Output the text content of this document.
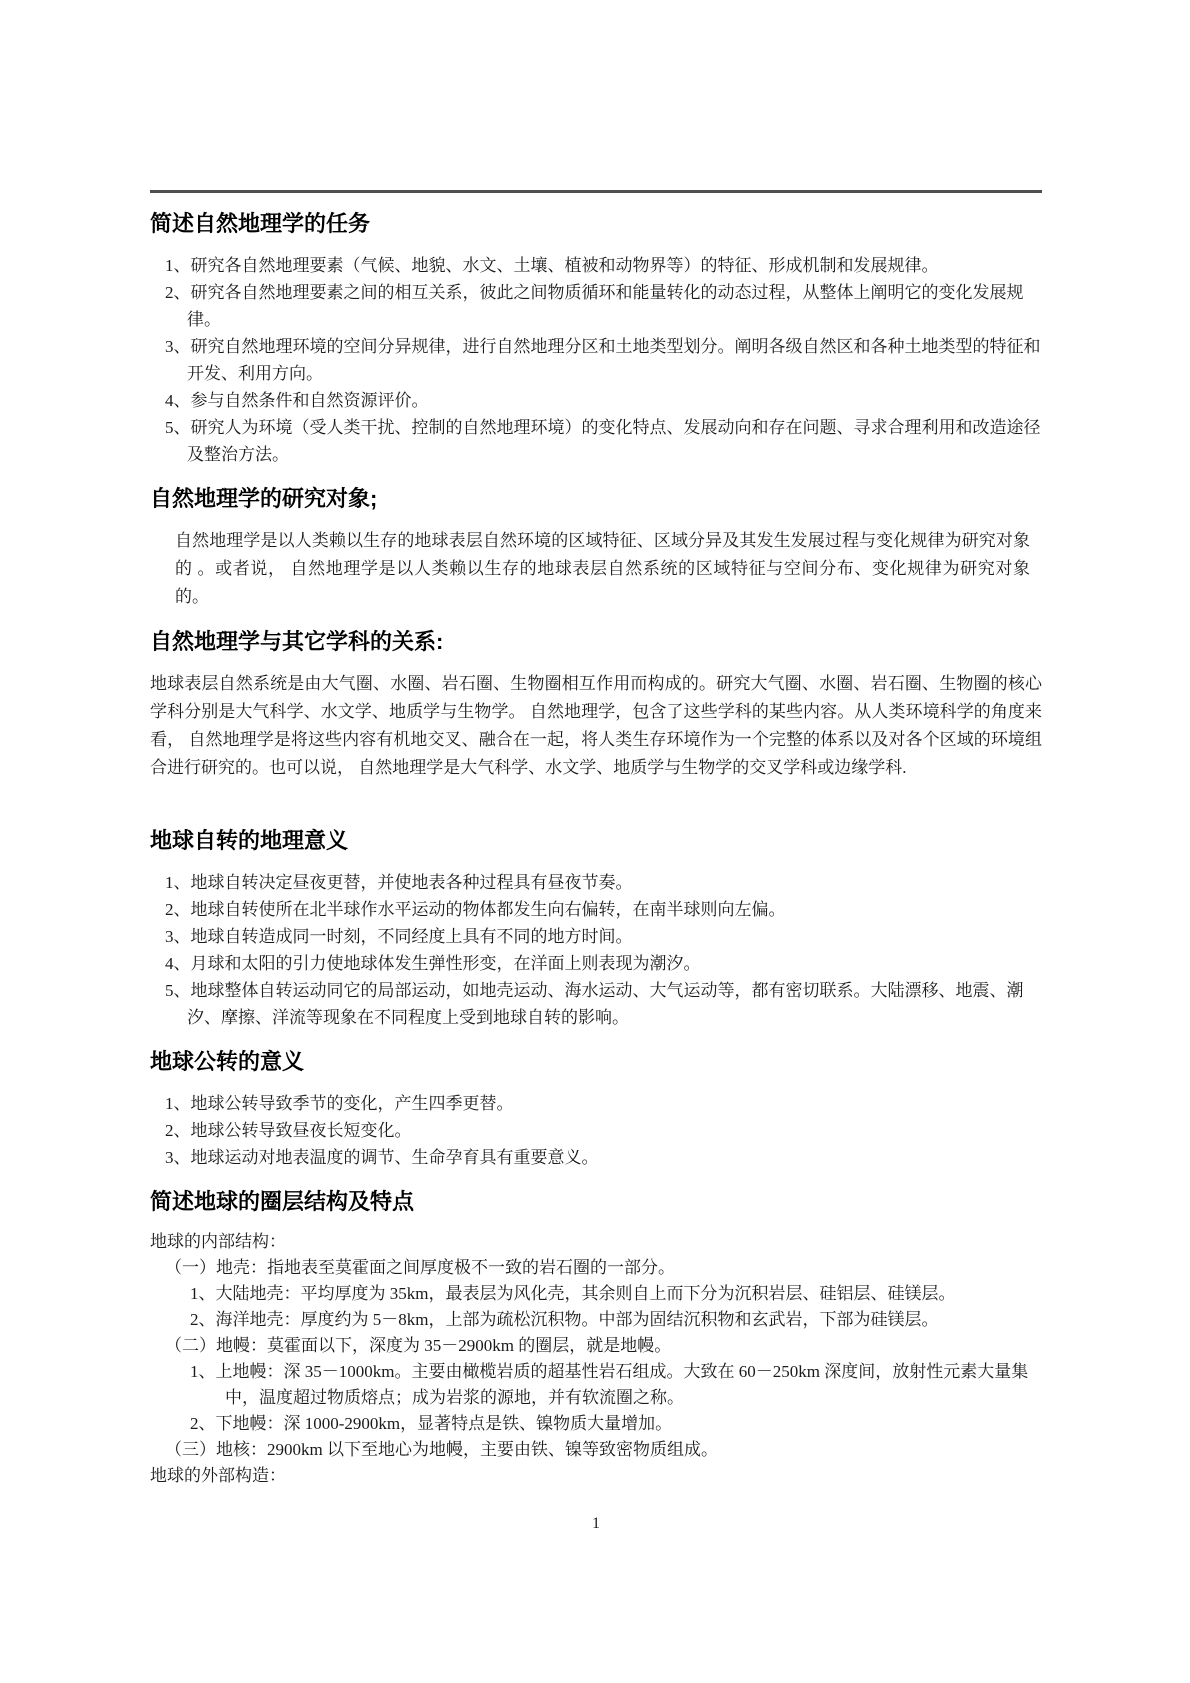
简述自然地理学的任务

1、研究各自然地理要素（气候、地貌、水文、土壤、植被和动物界等）的特征、形成机制和发展规律。

2、研究各自然地理要素之间的相互关系，彼此之间物质循环和能量转化的动态过程，从整体上阐明它的变化发展规律。

3、研究自然地理环境的空间分异规律，进行自然地理分区和土地类型划分。阐明各级自然区和各种土地类型的特征和开发、利用方向。

4、参与自然条件和自然资源评价。

5、研究人为环境（受人类干扰、控制的自然地理环境）的变化特点、发展动向和存在问题、寻求合理利用和改造途径及整治方法。

自然地理学的研究对象;

自然地理学是以人类赖以生存的地球表层自然环境的区域特征、区域分异及其发生发展过程与变化规律为研究对象的 。或者说， 自然地理学是以人类赖以生存的地球表层自然系统的区域特征与空间分布、变化规律为研究对象的。

自然地理学与其它学科的关系:

地球表层自然系统是由大气圈、水圈、岩石圈、生物圈相互作用而构成的。研究大气圈、水圈、岩石圈、生物圈的核心学科分别是大气科学、水文学、地质学与生物学。 自然地理学，包含了这些学科的某些内容。从人类环境科学的角度来看， 自然地理学是将这些内容有机地交叉、融合在一起，将人类生存环境作为一个完整的体系以及对各个区域的环境组合进行研究的。也可以说， 自然地理学是大气科学、水文学、地质学与生物学的交叉学科或边缘学科.

地球自转的地理意义

1、地球自转决定昼夜更替，并使地表各种过程具有昼夜节奏。

2、地球自转使所在北半球作水平运动的物体都发生向右偏转，在南半球则向左偏。

3、地球自转造成同一时刻，不同经度上具有不同的地方时间。

4、月球和太阳的引力使地球体发生弹性形变，在洋面上则表现为潮汐。

5、地球整体自转运动同它的局部运动，如地壳运动、海水运动、大气运动等，都有密切联系。大陆漂移、地震、潮汐、摩擦、洋流等现象在不同程度上受到地球自转的影响。

地球公转的意义

1、地球公转导致季节的变化，产生四季更替。

2、地球公转导致昼夜长短变化。

3、地球运动对地表温度的调节、生命孕育具有重要意义。

简述地球的圈层结构及特点

地球的内部结构：

（一）地壳：指地表至莫霍面之间厚度极不一致的岩石圈的一部分。

1、大陆地壳：平均厚度为 35km，最表层为风化壳，其余则自上而下分为沉积岩层、硅铝层、硅镁层。

2、海洋地壳：厚度约为 5－8km，上部为疏松沉积物。中部为固结沉积物和玄武岩，下部为硅镁层。

（二）地幔：莫霍面以下，深度为 35－2900km 的圈层，就是地幔。

1、上地幔：深 35－1000km。主要由橄榄岩质的超基性岩石组成。大致在 60－250km 深度间，放射性元素大量集中，温度超过物质熔点；成为岩浆的源地，并有软流圈之称。

2、下地幔：深 1000-2900km，显著特点是铁、镍物质大量增加。

（三）地核：2900km 以下至地心为地幔，主要由铁、镍等致密物质组成。

地球的外部构造：

1
